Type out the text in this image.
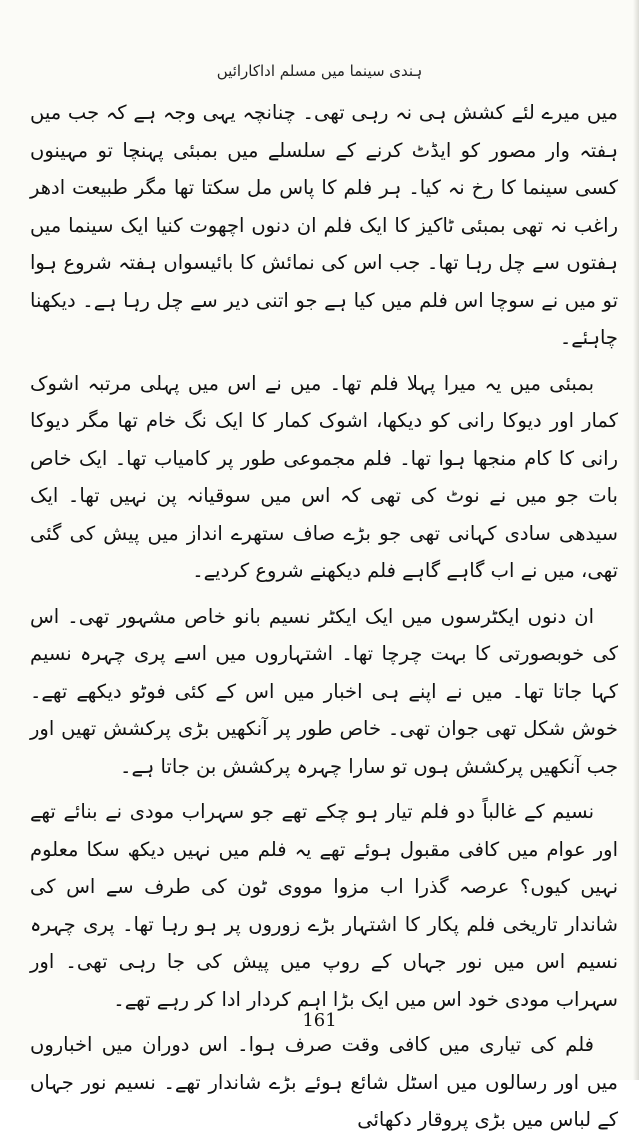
ہندی سینما میں مسلم اداکارائیں

میں میرے لئے کشش ہی نہ رہی تھی۔ چنانچہ یہی وجہ ہے کہ جب میں ہفتہ وار مصور کو ایڈٹ کرنے کے سلسلے میں بمبئی پہنچا تو مہینوں کسی سینما کا رخ نہ کیا۔ ہر فلم کا پاس مل سکتا تھا مگر طبیعت ادھر راغب نہ تھی بمبئی ٹاکیز کا ایک فلم ان دنوں اچھوت کنیا ایک سینما میں ہفتوں سے چل رہا تھا۔ جب اس کی نمائش کا بائیسواں ہفتہ شروع ہوا تو میں نے سوچا اس فلم میں کیا ہے جو اتنی دیر سے چل رہا ہے۔ دیکھنا چاہئے۔

بمبئی میں یہ میرا پہلا فلم تھا۔ میں نے اس میں پہلی مرتبہ اشوک کمار اور دیوکا رانی کو دیکھا، اشوک کمار کا ایک نگ خام تھا مگر دیوکا رانی کا کام منجھا ہوا تھا۔ فلم مجموعی طور پر کامیاب تھا۔ ایک خاص بات جو میں نے نوٹ کی تھی کہ اس میں سوقیانہ پن نہیں تھا۔ ایک سیدھی سادی کہانی تھی جو بڑے صاف ستھرے انداز میں پیش کی گئی تھی، میں نے اب گاہے گاہے فلم دیکھنے شروع کردیے۔

ان دنوں ایکٹرسوں میں ایک ایکٹر نسیم بانو خاص مشہور تھی۔ اس کی خوبصورتی کا بہت چرچا تھا۔ اشتہاروں میں اسے پری چہرہ نسیم کہا جاتا تھا۔ میں نے اپنے ہی اخبار میں اس کے کئی فوٹو دیکھے تھے۔ خوش شکل تھی جوان تھی۔ خاص طور پر آنکھیں بڑی پرکشش تھیں اور جب آنکھیں پرکشش ہوں تو سارا چہرہ پرکشش بن جاتا ہے۔

نسیم کے غالباً دو فلم تیار ہو چکے تھے جو سہراب مودی نے بنائے تھے اور عوام میں کافی مقبول ہوئے تھے یہ فلم میں نہیں دیکھ سکا معلوم نہیں کیوں؟ عرصہ گذرا اب مزوا مووی ٹون کی طرف سے اس کی شاندار تاریخی فلم پکار کا اشتہار بڑے زوروں پر ہو رہا تھا۔ پری چہرہ نسیم اس میں نور جہاں کے روپ میں پیش کی جا رہی تھی۔ اور سہراب مودی خود اس میں ایک بڑا اہم کردار ادا کر رہے تھے۔

فلم کی تیاری میں کافی وقت صرف ہوا۔ اس دوران میں اخباروں میں اور رسالوں میں اسٹل شائع ہوئے بڑے شاندار تھے۔ نسیم نور جہاں کے لباس میں بڑی پروقار دکھائی

161
